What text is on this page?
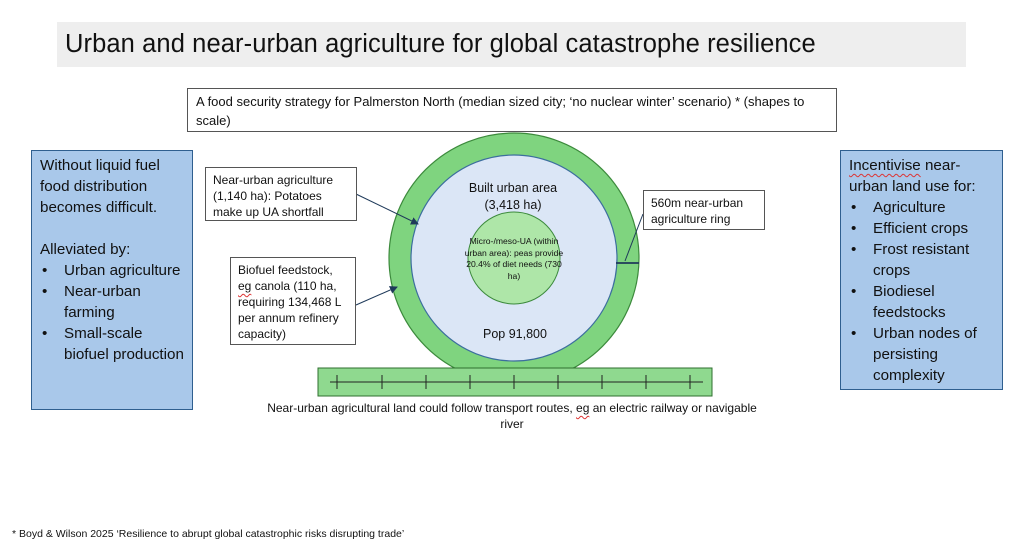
Urban and near-urban agriculture for global catastrophe resilience
A food security strategy for Palmerston North (median sized city; ‘no nuclear winter’ scenario) * (shapes to scale)
Without liquid fuel food distribution becomes difficult.
Alleviated by:
• Urban agriculture
• Near-urban farming
• Small-scale biofuel production
Incentivise near-urban land use for:
• Agriculture
• Efficient crops
• Frost resistant crops
• Biodiesel feedstocks
• Urban nodes of persisting complexity
Near-urban agriculture (1,140 ha): Potatoes make up UA shortfall
Biofuel feedstock, eg canola (110 ha, requiring 134,468 L per annum refinery capacity)
560m near-urban agriculture ring
Built urban area
(3,418 ha)
Micro-/meso-UA (within urban area): peas provide 20.4% of diet needs (730 ha)
Pop 91,800
Near-urban agricultural land could follow transport routes, eg an electric railway or navigable river
* Boyd & Wilson 2025 ‘Resilience to abrupt global catastrophic risks disrupting trade’
